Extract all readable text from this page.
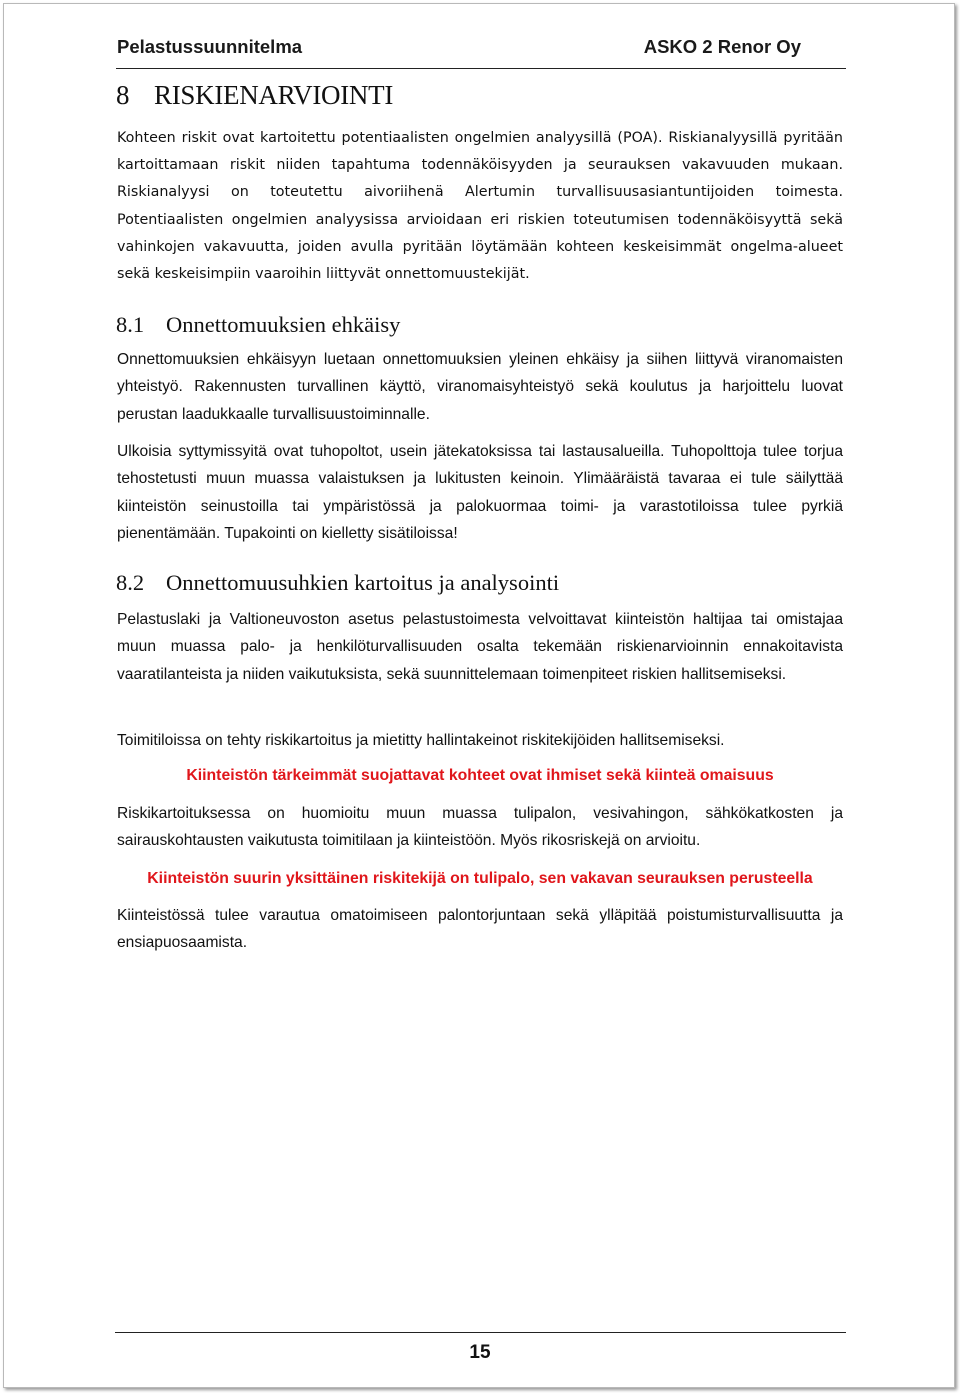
Pelastussuunnitelma	ASKO 2 Renor Oy
8 RISKIENARVIOINTI
Kohteen riskit ovat kartoitettu potentiaalisten ongelmien analyysillä (POA). Riskianalyysillä pyritään kartoittamaan riskit niiden tapahtuma todennäköisyyden ja seurauksen vakavuuden mukaan. Riskianalyysi on toteutettu aivoriihenä Alertumin turvallisuusasiantuntijoiden toimesta. Potentiaalisten ongelmien analyysissa arvioidaan eri riskien toteutumisen todennäköisyyttä sekä vahinkojen vakavuutta, joiden avulla pyritään löytämään kohteen keskeisimmät ongelma-alueet sekä keskeisimpiin vaaroihin liittyvät onnettomuustekijät.
8.1 Onnettomuuksien ehkäisy
Onnettomuuksien ehkäisyyn luetaan onnettomuuksien yleinen ehkäisy ja siihen liittyvä viranomaisten yhteistyö. Rakennusten turvallinen käyttö, viranomaisyhteistyö sekä koulutus ja harjoittelu luovat perustan laadukkaalle turvallisuustoiminnalle.
Ulkoisia syttymissyitä ovat tuhopoltot, usein jätekatoksissa tai lastausalueilla. Tuhopolttoja tulee torjua tehostetusti muun muassa valaistuksen ja lukitusten keinoin. Ylimääräistä tavaraa ei tule säilyttää kiinteistön seinustoilla tai ympäristössä ja palokuormaa toimi- ja varastotiloissa tulee pyrkiä pienentämään. Tupakointi on kielletty sisätiloissa!
8.2 Onnettomuusuhkien kartoitus ja analysointi
Pelastuslaki ja Valtioneuvoston asetus pelastustoimesta velvoittavat kiinteistön haltijaa tai omistajaa muun muassa palo- ja henkilöturvallisuuden osalta tekemään riskienarvioinnin ennakoitavista vaaratilanteista ja niiden vaikutuksista, sekä suunnittelemaan toimenpiteet riskien hallitsemiseksi.
Toimitiloissa on tehty riskikartoitus ja mietitty hallintakeinot riskitekijöiden hallitsemiseksi.
Kiinteistön tärkeimmät suojattavat kohteet ovat ihmiset sekä kiinteä omaisuus
Riskikartoituksessa on huomioitu muun muassa tulipalon, vesivahingon, sähkökatkosten ja sairauskohtausten vaikutusta toimitilaan ja kiinteistöön. Myös rikosriskejä on arvioitu.
Kiinteistön suurin yksittäinen riskitekijä on tulipalo, sen vakavan seurauksen perusteella
Kiinteistössä tulee varautua omatoimiseen palontorjuntaan sekä ylläpitää poistumisturvallisuutta ja ensiapuosaamista.
15
